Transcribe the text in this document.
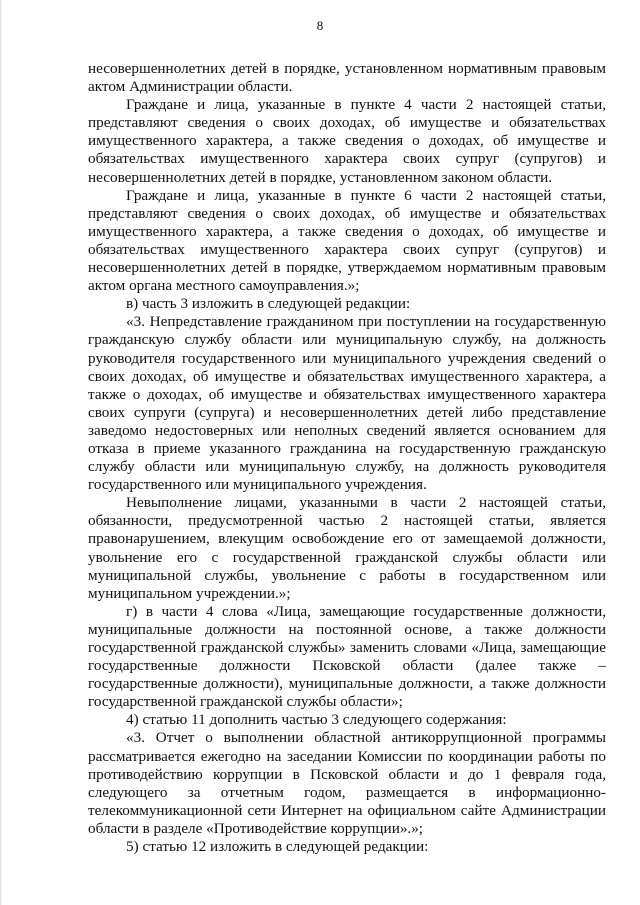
8

несовершеннолетних детей в порядке, установленном нормативным правовым актом Администрации области.

Граждане и лица, указанные в пункте 4 части 2 настоящей статьи, представляют сведения о своих доходах, об имуществе и обязательствах имущественного характера, а также сведения о доходах, об имуществе и обязательствах имущественного характера своих супруг (супругов) и несовершеннолетних детей в порядке, установленном законом области.

Граждане и лица, указанные в пункте 6 части 2 настоящей статьи, представляют сведения о своих доходах, об имуществе и обязательствах имущественного характера, а также сведения о доходах, об имуществе и обязательствах имущественного характера своих супруг (супругов) и несовершеннолетних детей в порядке, утверждаемом нормативным правовым актом органа местного самоуправления.»;

в) часть 3 изложить в следующей редакции:

«3. Непредставление гражданином при поступлении на государственную гражданскую службу области или муниципальную службу, на должность руководителя государственного или муниципального учреждения сведений о своих доходах, об имуществе и обязательствах имущественного характера, а также о доходах, об имуществе и обязательствах имущественного характера своих супруги (супруга) и несовершеннолетних детей либо представление заведомо недостоверных или неполных сведений является основанием для отказа в приеме указанного гражданина на государственную гражданскую службу области или муниципальную службу, на должность руководителя государственного или муниципального учреждения.

Невыполнение лицами, указанными в части 2 настоящей статьи, обязанности, предусмотренной частью 2 настоящей статьи, является правонарушением, влекущим освобождение его от замещаемой должности, увольнение его с государственной гражданской службы области или муниципальной службы, увольнение с работы в государственном или муниципальном учреждении.»;

г) в части 4 слова «Лица, замещающие государственные должности, муниципальные должности на постоянной основе, а также должности государственной гражданской службы» заменить словами «Лица, замещающие государственные должности Псковской области (далее также – государственные должности), муниципальные должности, а также должности государственной гражданской службы области»;

4) статью 11 дополнить частью 3 следующего содержания:

«3. Отчет о выполнении областной антикоррупционной программы рассматривается ежегодно на заседании Комиссии по координации работы по противодействию коррупции в Псковской области и до 1 февраля года, следующего за отчетным годом, размещается в информационно-телекоммуникационной сети Интернет на официальном сайте Администрации области в разделе «Противодействие коррупции».»;

5) статью 12 изложить в следующей редакции:
